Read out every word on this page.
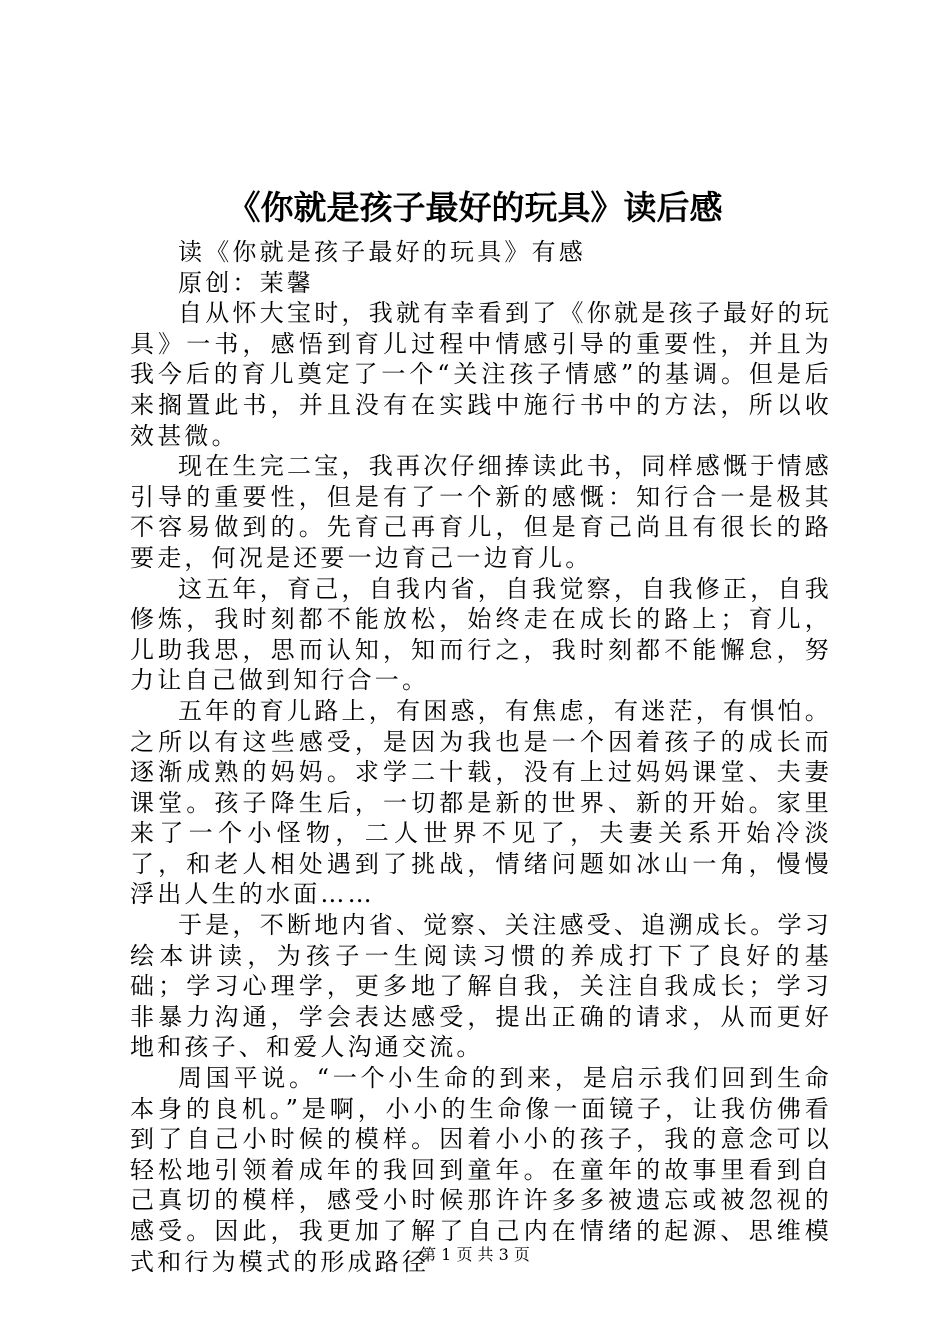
《你就是孩子最好的玩具》读后感

读《你就是孩子最好的玩具》有感

原创：茉馨

自从怀大宝时，我就有幸看到了《你就是孩子最好的玩具》一书，感悟到育儿过程中情感引导的重要性，并且为我今后的育儿奠定了一个“关注孩子情感”的基调。但是后来搁置此书，并且没有在实践中施行书中的方法，所以收效甚微。

现在生完二宝，我再次仔细捧读此书，同样感慨于情感引导的重要性，但是有了一个新的感慨：知行合一是极其不容易做到的。先育己再育儿，但是育己尚且有很长的路要走，何况是还要一边育己一边育儿。

这五年，育己，自我内省，自我觉察，自我修正，自我修炼，我时刻都不能放松，始终走在成长的路上；育儿，儿助我思，思而认知，知而行之，我时刻都不能懈怠，努力让自己做到知行合一。

五年的育儿路上，有困惑，有焦虑，有迷茫，有惧怕。之所以有这些感受，是因为我也是一个因着孩子的成长而逐渐成熟的妈妈。求学二十载，没有上过妈妈课堂、夫妻课堂。孩子降生后，一切都是新的世界、新的开始。家里来了一个小怪物，二人世界不见了，夫妻关系开始冷淡了，和老人相处遇到了挑战，情绪问题如冰山一角，慢慢浮出人生的水面……

于是，不断地内省、觉察、关注感受、追溯成长。学习绘本讲读，为孩子一生阅读习惯的养成打下了良好的基础；学习心理学，更多地了解自我，关注自我成长；学习非暴力沟通，学会表达感受，提出正确的请求，从而更好地和孩子、和爱人沟通交流。

周国平说。“一个小生命的到来，是启示我们回到生命本身的良机。”是啊，小小的生命像一面镜子，让我仿佛看到了自己小时候的模样。因着小小的孩子，我的意念可以轻松地引领着成年的我回到童年。在童年的故事里看到自己真切的模样，感受小时候那许许多多被遗忘或被忽视的感受。因此，我更加了解了自己内在情绪的起源、思维模式和行为模式的形成路径

第 1 页 共 3 页
